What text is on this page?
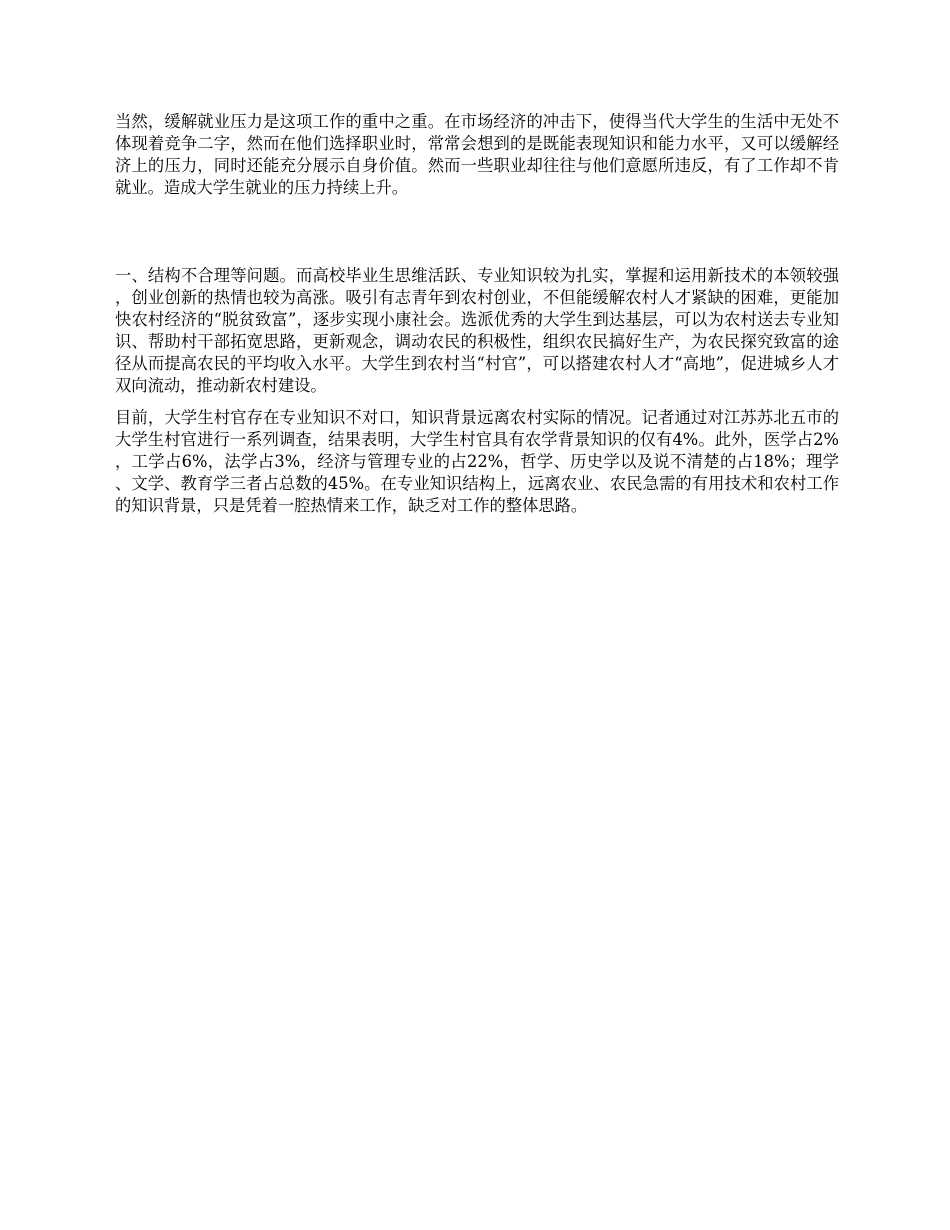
当然，缓解就业压力是这项工作的重中之重。在市场经济的冲击下，使得当代大学生的生活中无处不体现着竞争二字，然而在他们选择职业时，常常会想到的是既能表现知识和能力水平，又可以缓解经济上的压力，同时还能充分展示自身价值。然而一些职业却往往与他们意愿所违反，有了工作却不肯就业。造成大学生就业的压力持续上升。

一、结构不合理等问题。而高校毕业生思维活跃、专业知识较为扎实，掌握和运用新技术的本领较强，创业创新的热情也较为高涨。吸引有志青年到农村创业，不但能缓解农村人才紧缺的困难，更能加快农村经济的“脱贫致富”，逐步实现小康社会。选派优秀的大学生到达基层，可以为农村送去专业知识、帮助村干部拓宽思路，更新观念，调动农民的积极性，组织农民搞好生产，为农民探究致富的途径从而提高农民的平均收入水平。大学生到农村当“村官”，可以搭建农村人才“高地”，促进城乡人才双向流动，推动新农村建设。

目前，大学生村官存在专业知识不对口，知识背景远离农村实际的情况。记者通过对江苏苏北五市的大学生村官进行一系列调查，结果表明，大学生村官具有农学背景知识的仅有4%。此外，医学占2%，工学占6%，法学占3%，经济与管理专业的占22%，哲学、历史学以及说不清楚的占18%；理学、文学、教育学三者占总数的45%。在专业知识结构上，远离农业、农民急需的有用技术和农村工作的知识背景，只是凭着一腔热情来工作，缺乏对工作的整体思路。
